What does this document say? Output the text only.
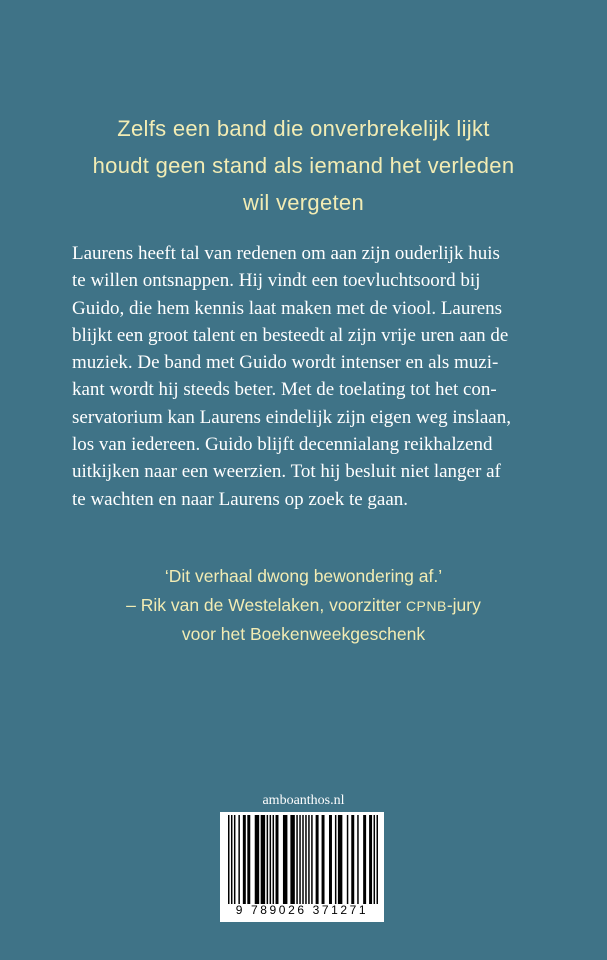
Zelfs een band die onverbrekelijk lijkt
houdt geen stand als iemand het verleden
wil vergeten
Laurens heeft tal van redenen om aan zijn ouderlijk huis
te willen ontsnappen. Hij vindt een toevluchtsoord bij
Guido, die hem kennis laat maken met de viool. Laurens
blijkt een groot talent en besteedt al zijn vrije uren aan de
muziek. De band met Guido wordt intenser en als muzi-
kant wordt hij steeds beter. Met de toelating tot het con-
servatorium kan Laurens eindelijk zijn eigen weg inslaan,
los van iedereen. Guido blijft decennialang reikhalzend
uitkijken naar een weerzien. Tot hij besluit niet langer af
te wachten en naar Laurens op zoek te gaan.
‘Dit verhaal dwong bewondering af.’
– Rik van de Westelaken, voorzitter CPNB-jury
voor het Boekenweekgeschenk
amboanthos.nl
9 789026 371271
